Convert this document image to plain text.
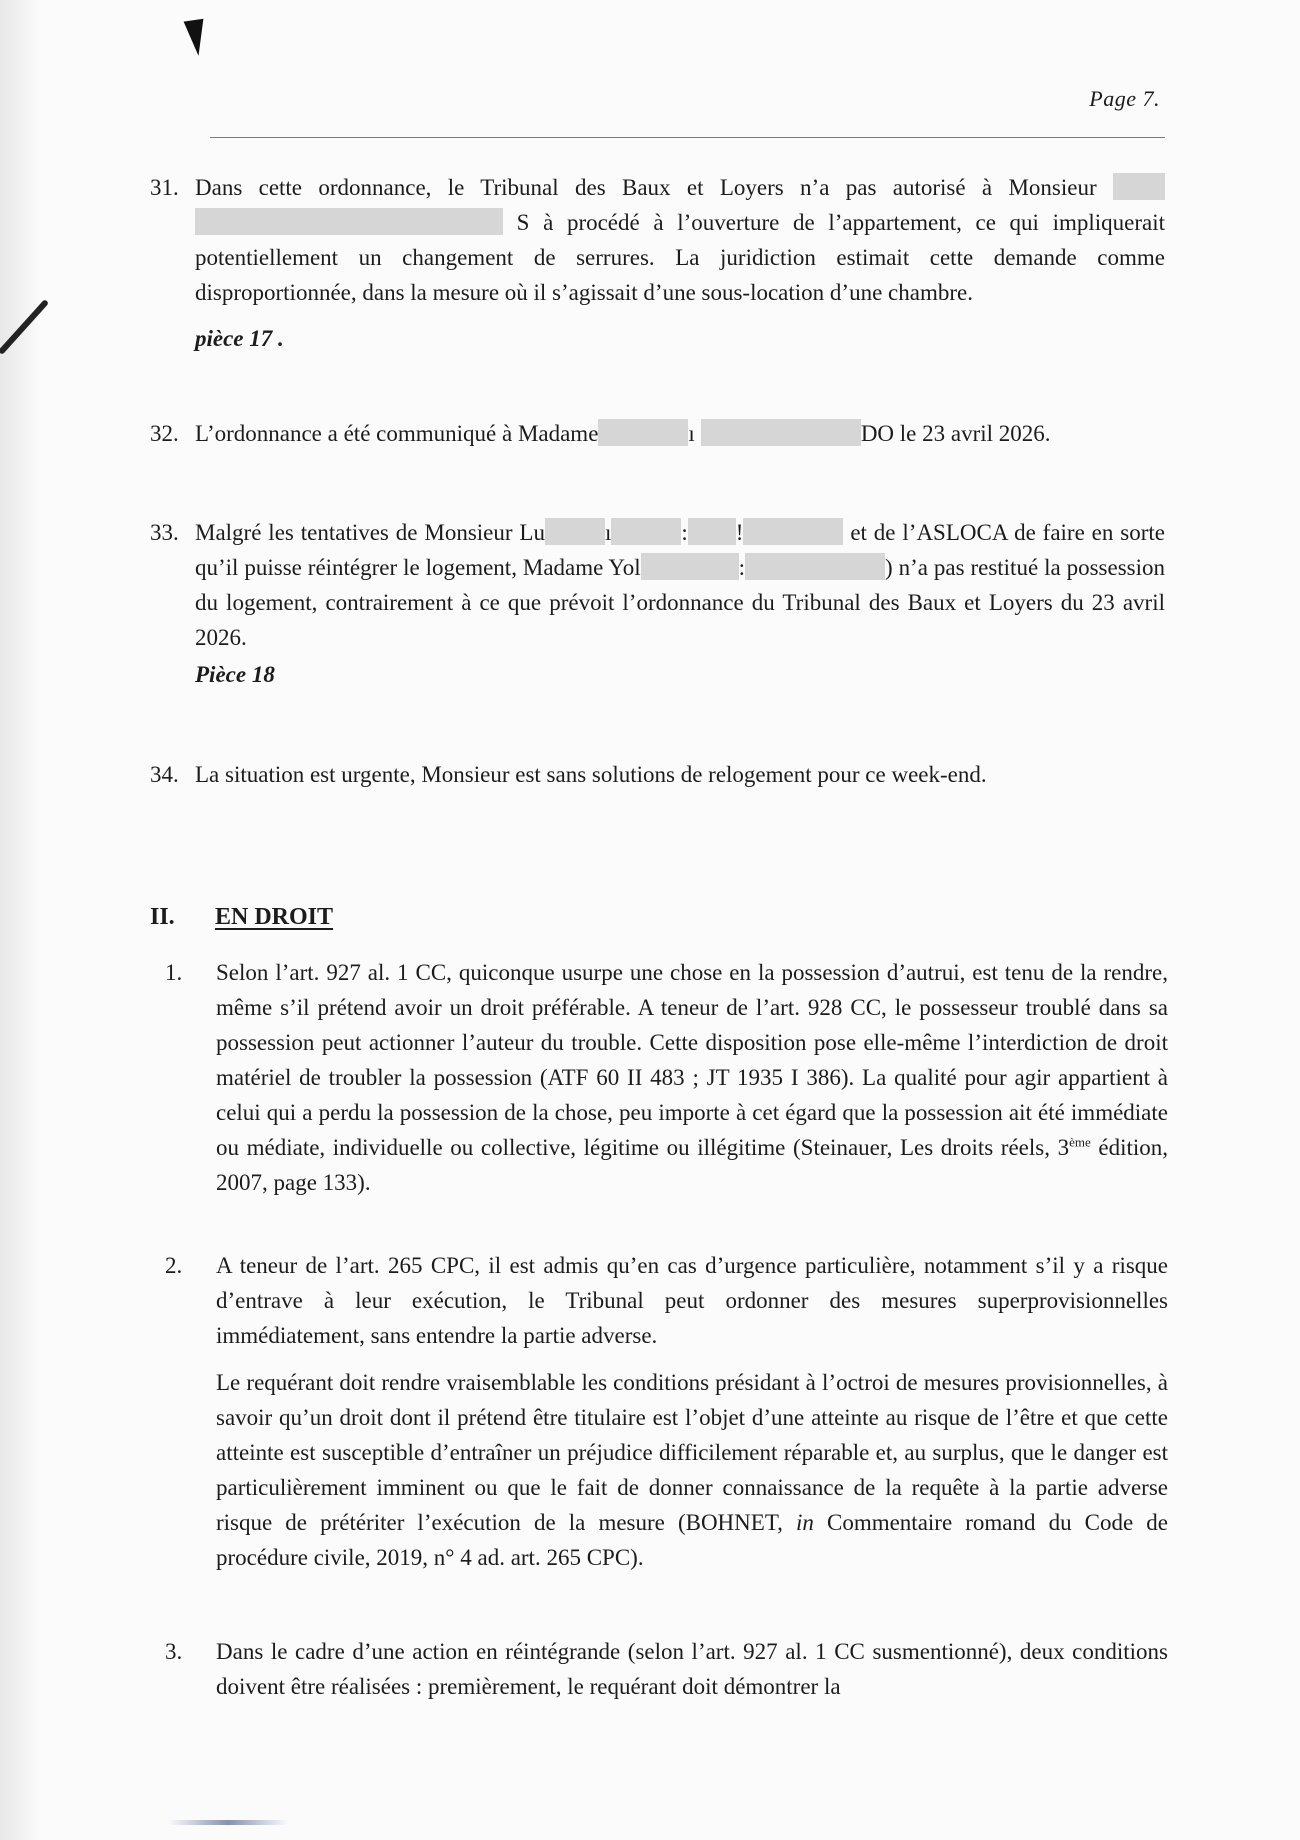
Page 7.
31. Dans cette ordonnance, le Tribunal des Baux et Loyers n’a pas autorisé à Monsieur   S à procédé à l’ouverture de l’appartement, ce qui impliquerait potentiellement un changement de serrures. La juridiction estimait cette demande comme disproportionnée, dans la mesure où il s’agissait d’une sous-location d’une chambre.

pièce 17 .
32. L’ordonnance a été communiqué à Madame	ı	DO le 23 avril 2026.

33. Malgré les tentatives de Monsieur Lu	ı	: !	et de l’ASLOCA de faire en sorte qu’il puisse réintégrer le logement, Madame Yol	:	) n’a pas restitué la possession du logement, contrairement à ce que prévoit l’ordonnance du Tribunal des Baux et Loyers du 23 avril 2026.

Pièce 18
34. La situation est urgente, Monsieur est sans solutions de relogement pour ce week-end.

II. EN DROIT
1. Selon l’art. 927 al. 1 CC, quiconque usurpe une chose en la possession d’autrui, est tenu de la rendre, même s’il prétend avoir un droit préférable. A teneur de l’art. 928 CC, le possesseur troublé dans sa possession peut actionner l’auteur du trouble. Cette disposition pose elle-même l’interdiction de droit matériel de troubler la possession (ATF 60 II 483 ; JT 1935 I 386). La qualité pour agir appartient à celui qui a perdu la possession de la chose, peu importe à cet égard que la possession ait été immédiate ou médiate, individuelle ou collective, légitime ou illégitime (Steinauer, Les droits réels, 3ème édition, 2007, page 133).

2. A teneur de l’art. 265 CPC, il est admis qu’en cas d’urgence particulière, notamment s’il y a risque d’entrave à leur exécution, le Tribunal peut ordonner des mesures superprovisionnelles immédiatement, sans entendre la partie adverse.

Le requérant doit rendre vraisemblable les conditions présidant à l’octroi de mesures provisionnelles, à savoir qu’un droit dont il prétend être titulaire est l’objet d’une atteinte au risque de l’être et que cette atteinte est susceptible d’entraîner un préjudice difficilement réparable et, au surplus, que le danger est particulièrement imminent ou que le fait de donner connaissance de la requête à la partie adverse risque de prétériter l’exécution de la mesure (BOHNET, in Commentaire romand du Code de procédure civile, 2019, n° 4 ad. art. 265 CPC).

3. Dans le cadre d’une action en réintégrande (selon l’art. 927 al. 1 CC susmentionné), deux conditions doivent être réalisées : premièrement, le requérant doit démontrer la
